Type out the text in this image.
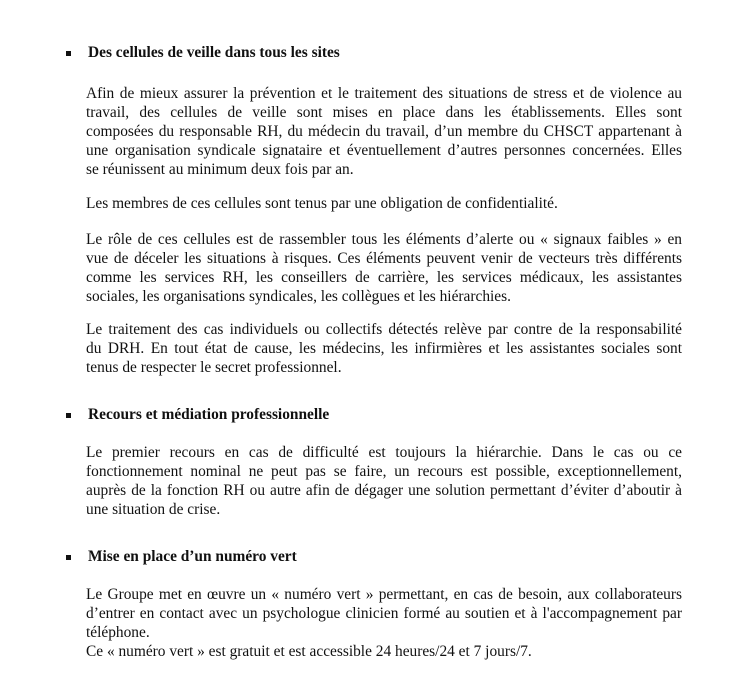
Des cellules de veille dans tous les sites
Afin de mieux assurer la prévention et le traitement des situations de stress et de violence au
travail, des cellules de veille sont mises en place dans les établissements. Elles sont
composées du responsable RH, du médecin du travail, d’un membre du CHSCT appartenant à
une organisation syndicale signataire et éventuellement d’autres personnes concernées. Elles
se réunissent au minimum deux fois par an.
Les membres de ces cellules sont tenus par une obligation de confidentialité.
Le rôle de ces cellules est de rassembler tous les éléments d’alerte ou « signaux faibles » en
vue de déceler les situations à risques. Ces éléments peuvent venir de vecteurs très différents
comme les services RH, les conseillers de carrière, les services médicaux, les assistantes
sociales, les organisations syndicales, les collègues et les hiérarchies.
Le traitement des cas individuels ou collectifs détectés relève par contre de la responsabilité
du DRH. En tout état de cause, les médecins, les infirmières et les assistantes sociales sont
tenus de respecter le secret professionnel.
Recours et médiation professionnelle
Le premier recours en cas de difficulté est toujours la hiérarchie. Dans le cas ou ce
fonctionnement nominal ne peut pas se faire, un recours est possible, exceptionnellement,
auprès de la fonction RH ou autre afin de dégager une solution permettant d’éviter d’aboutir à
une situation de crise.
Mise en place d’un numéro vert
Le Groupe met en œuvre un « numéro vert » permettant, en cas de besoin, aux collaborateurs
d’entrer en contact avec un psychologue clinicien formé au soutien et à l'accompagnement par
téléphone.
Ce « numéro vert » est gratuit et est accessible 24 heures/24 et 7 jours/7.
